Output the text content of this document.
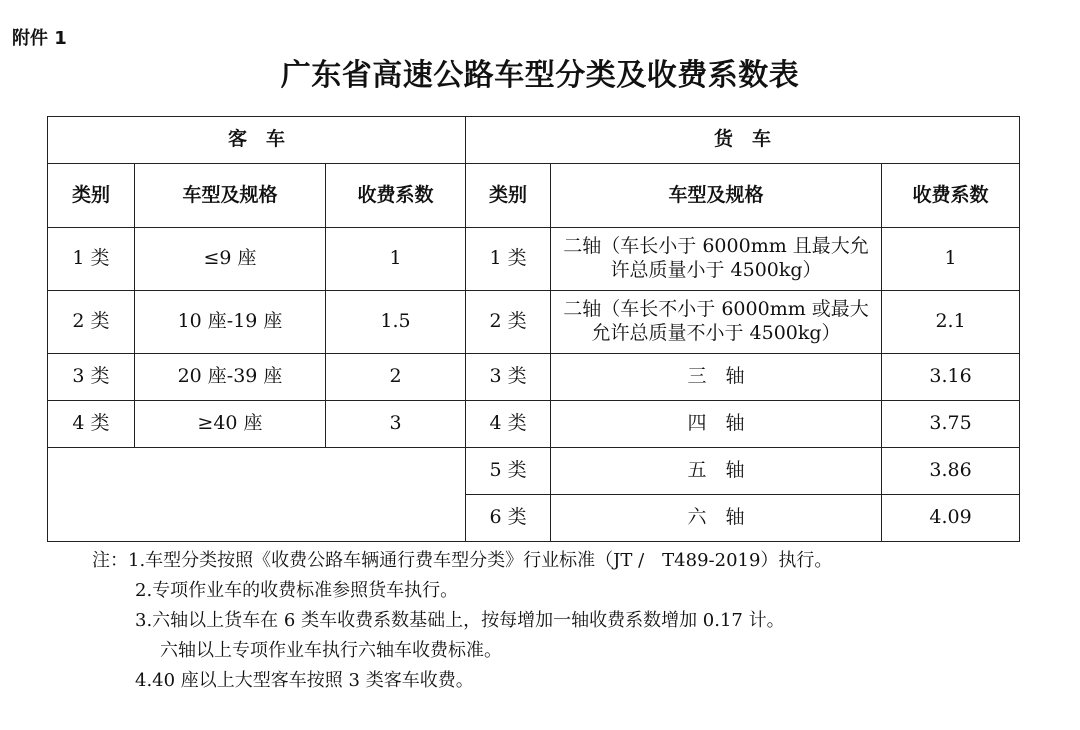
附件 1
广东省高速公路车型分类及收费系数表
客　车			货　车		
类别	车型及规格	收费系数	类别	车型及规格	收费系数
1 类	≤9 座	1	1 类	二轴（车长小于 6000mm 且最大允
许总质量小于 4500kg）	1
2 类	10 座-19 座	1.5	2 类	二轴（车长不小于 6000mm 或最大
允许总质量不小于 4500kg）	2.1
3 类	20 座-39 座	2	3 类	三　轴	3.16
4 类	≥40 座	3	4 类	四　轴	3.75
			5 类	五　轴	3.86
			6 类	六　轴	4.09
注：1.车型分类按照《收费公路车辆通行费车型分类》行业标准（JT /　T489-2019）执行。
2.专项作业车的收费标准参照货车执行。
3.六轴以上货车在 6 类车收费系数基础上，按每增加一轴收费系数增加 0.17 计。
六轴以上专项作业车执行六轴车收费标准。
4.40 座以上大型客车按照 3 类客车收费。
